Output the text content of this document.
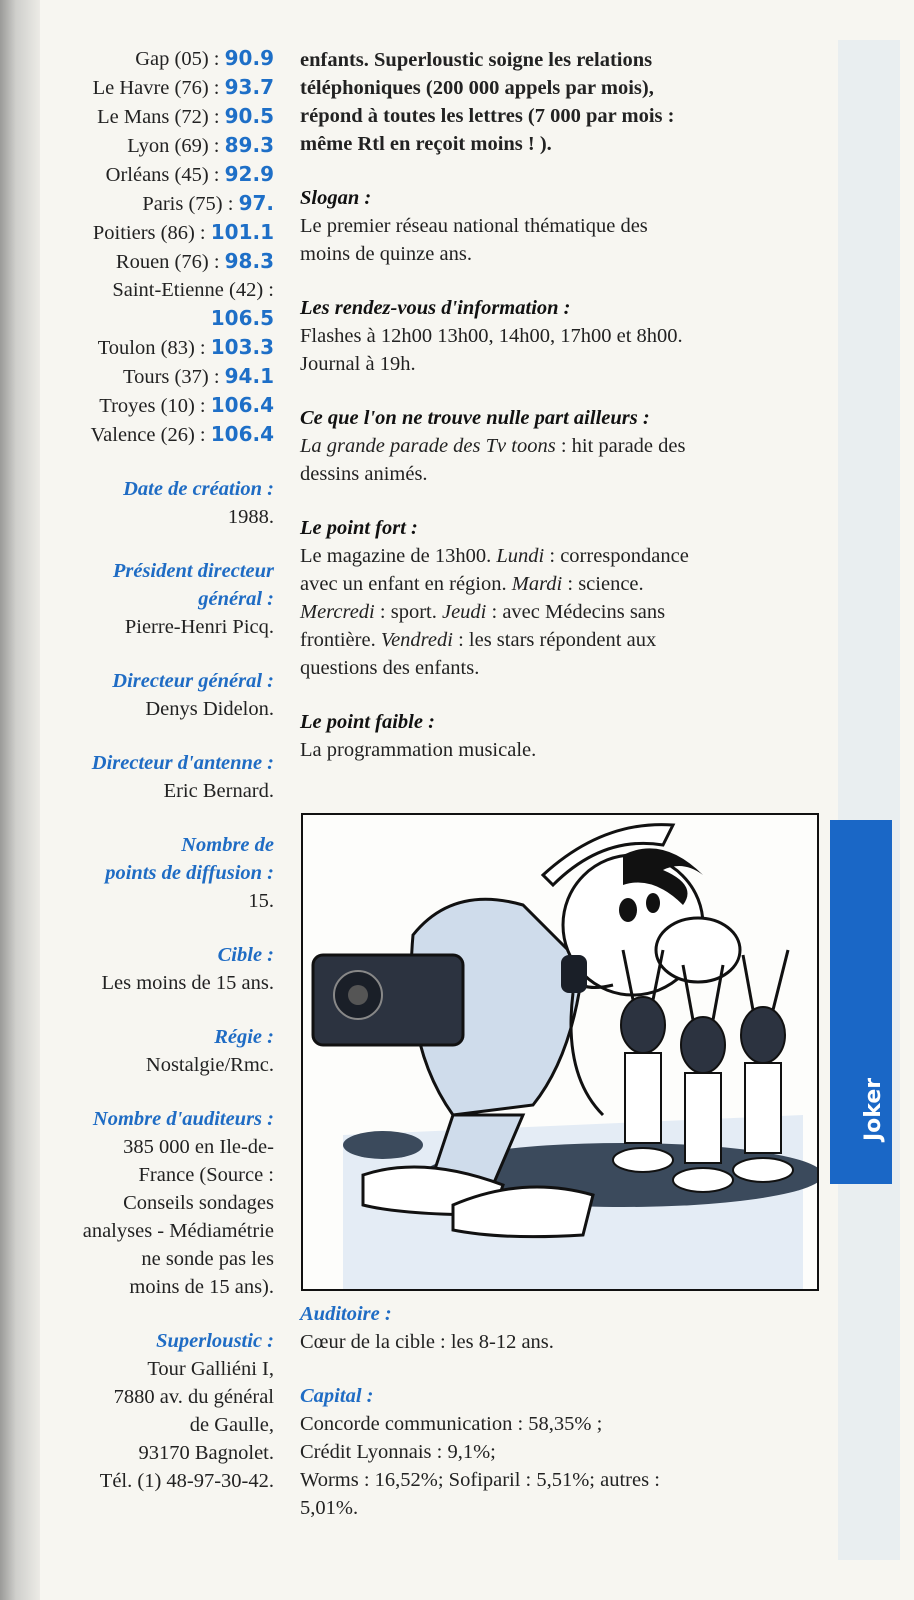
Gap (05) : 90.9
Le Havre (76) : 93.7
Le Mans (72) : 90.5
Lyon (69) : 89.3
Orléans (45) : 92.9
Paris (75) : 97.
Poitiers (86) : 101.1
Rouen (76) : 98.3
Saint-Etienne (42) :
106.5
Toulon (83) : 103.3
Tours (37) : 94.1
Troyes (10) : 106.4
Valence (26) : 106.4
Date de création :
1988.
Président directeur
général :
Pierre-Henri Picq.
Directeur général :
Denys Didelon.
Directeur d'antenne :
Eric Bernard.
Nombre de
points de diffusion :
15.
Cible :
Les moins de 15 ans.
Régie :
Nostalgie/Rmc.
Nombre d'auditeurs :
385 000 en Ile-de-
France (Source :
Conseils sondages
analyses - Médiamétrie
ne sonde pas les
moins de 15 ans).
Superloustic :
Tour Galliéni I,
7880 av. du général
de Gaulle,
93170 Bagnolet.
Tél. (1) 48-97-30-42.
enfants. Superloustic soigne les relations
téléphoniques (200 000 appels par mois),
répond à toutes les lettres (7 000 par mois :
même Rtl en reçoit moins ! ).
Slogan :
Le premier réseau national thématique des
moins de quinze ans.
Les rendez-vous d'information :
Flashes à 12h00 13h00, 14h00, 17h00 et 8h00.
Journal à 19h.
Ce que l'on ne trouve nulle part ailleurs :
La grande parade des Tv toons : hit parade des
dessins animés.
Le point fort :
Le magazine de 13h00. Lundi : correspondance
avec un enfant en région. Mardi : science.
Mercredi : sport. Jeudi : avec Médecins sans
frontière. Vendredi : les stars répondent aux
questions des enfants.
Le point faible :
La programmation musicale.
Auditoire :
Cœur de la cible : les 8-12 ans.
Capital :
Concorde communication : 58,35% ;
Crédit Lyonnais : 9,1%;
Worms : 16,52%; Sofiparil : 5,51%; autres :
5,01%.
Joker
